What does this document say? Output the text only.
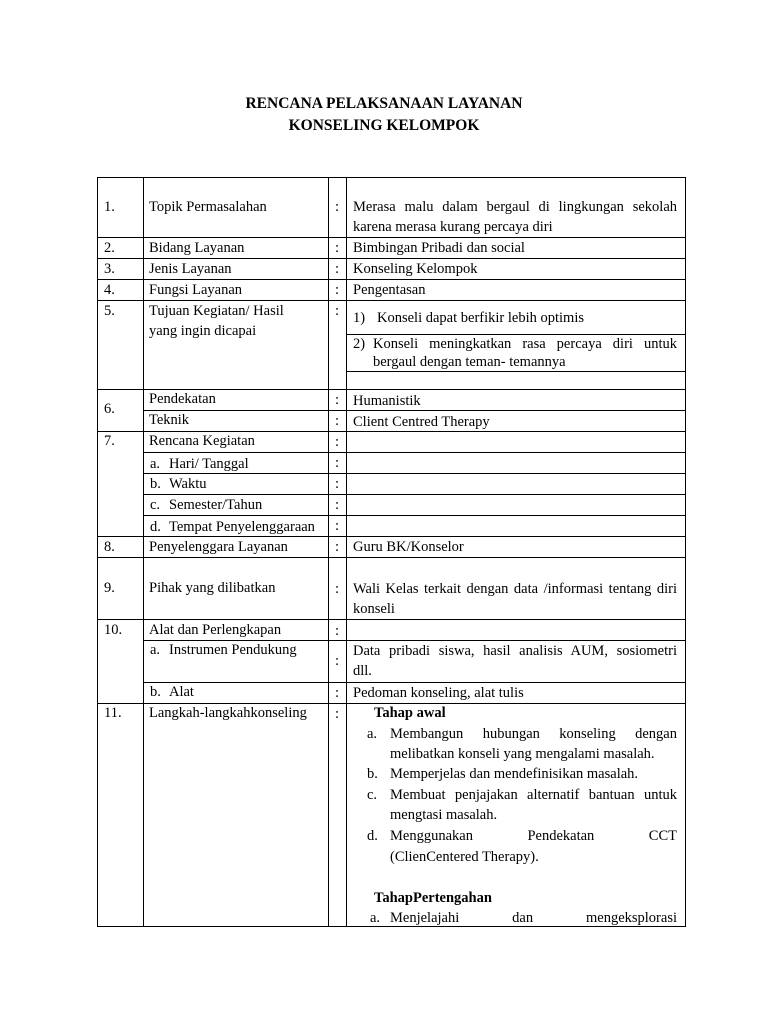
RENCANA PELAKSANAAN LAYANAN
KONSELING KELOMPOK
1. Topik Permasalahan	: Merasa malu dalam bergaul di lingkungan sekolah
karena merasa kurang percaya diri
2. Bidang Layanan	: Bimbingan Pribadi dan social
3. Jenis Layanan	: Konseling Kelompok
4. Fungsi Layanan	: Pengentasan
5. Tujuan Kegiatan/ Hasil
yang ingin dicapai
: 1) Konseli dapat berfikir lebih optimis
2) Konseli meningkatkan rasa percaya diri untuk
bergaul dengan teman- temannya
6.
Pendekatan	: Humanistik
Teknik	: Client Centred Therapy
7. Rencana Kegiatan	:
a. Hari/ Tanggal	:
b. Waktu	:
c. Semester/Tahun	:
d. Tempat Penyelenggaraan :
8. Penyelenggara Layanan	: Guru BK/Konselor
9. Pihak yang dilibatkan	: Wali Kelas terkait dengan data /informasi tentang diri
konseli
10. Alat dan Perlengkapan	:
a. Instrumen Pendukung
:
Data pribadi siswa, hasil analisis AUM, sosiometri
dll.
b. Alat	: Pedoman konseling, alat tulis
11. Langkah-langkahkonseling : Tahap awal
a. Membangun hubungan konseling dengan
melibatkan konseli yang mengalami masalah.
b. Memperjelas dan mendefinisikan masalah.
c. Membuat penjajakan alternatif bantuan untuk
mengtasi masalah.
d. Menggunakan Pendekatan CCT
(ClienCentered Therapy).
TahapPertengahan
a. Menjelajahi dan mengeksplorasi
